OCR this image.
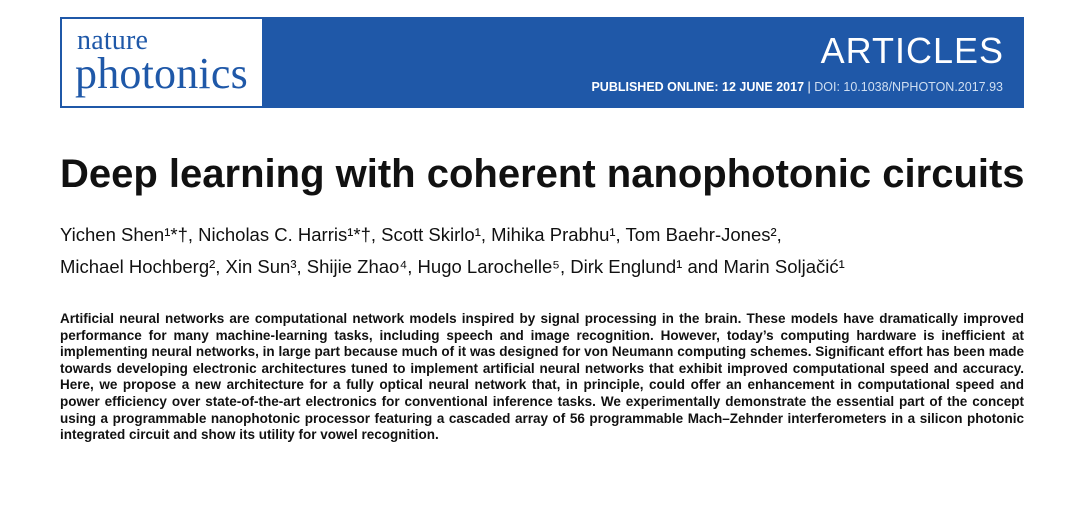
nature
photonics	ARTICLES
PUBLISHED ONLINE: 12 JUNE 2017 | DOI: 10.1038/NPHOTON.2017.93
Deep learning with coherent nanophotonic circuits
Yichen Shen¹*†, Nicholas C. Harris¹*†, Scott Skirlo¹, Mihika Prabhu¹, Tom Baehr-Jones²,
Michael Hochberg², Xin Sun³, Shijie Zhao⁴, Hugo Larochelle⁵, Dirk Englund¹ and Marin Soljačić¹

Artificial neural networks are computational network models inspired by signal processing in the brain. These models have dramatically improved performance for many machine-learning tasks, including speech and image recognition. However, today’s computing hardware is inefficient at implementing neural networks, in large part because much of it was designed for von Neumann computing schemes. Significant effort has been made towards developing electronic architectures tuned to implement artificial neural networks that exhibit improved computational speed and accuracy. Here, we propose a new architecture for a fully optical neural network that, in principle, could offer an enhancement in computational speed and power efficiency over state-of-the-art electronics for conventional inference tasks. We experimentally demonstrate the essential part of the concept using a programmable nanophotonic processor featuring a cascaded array of 56 programmable Mach–Zehnder interferometers in a silicon photonic integrated circuit and show its utility for vowel recognition.
